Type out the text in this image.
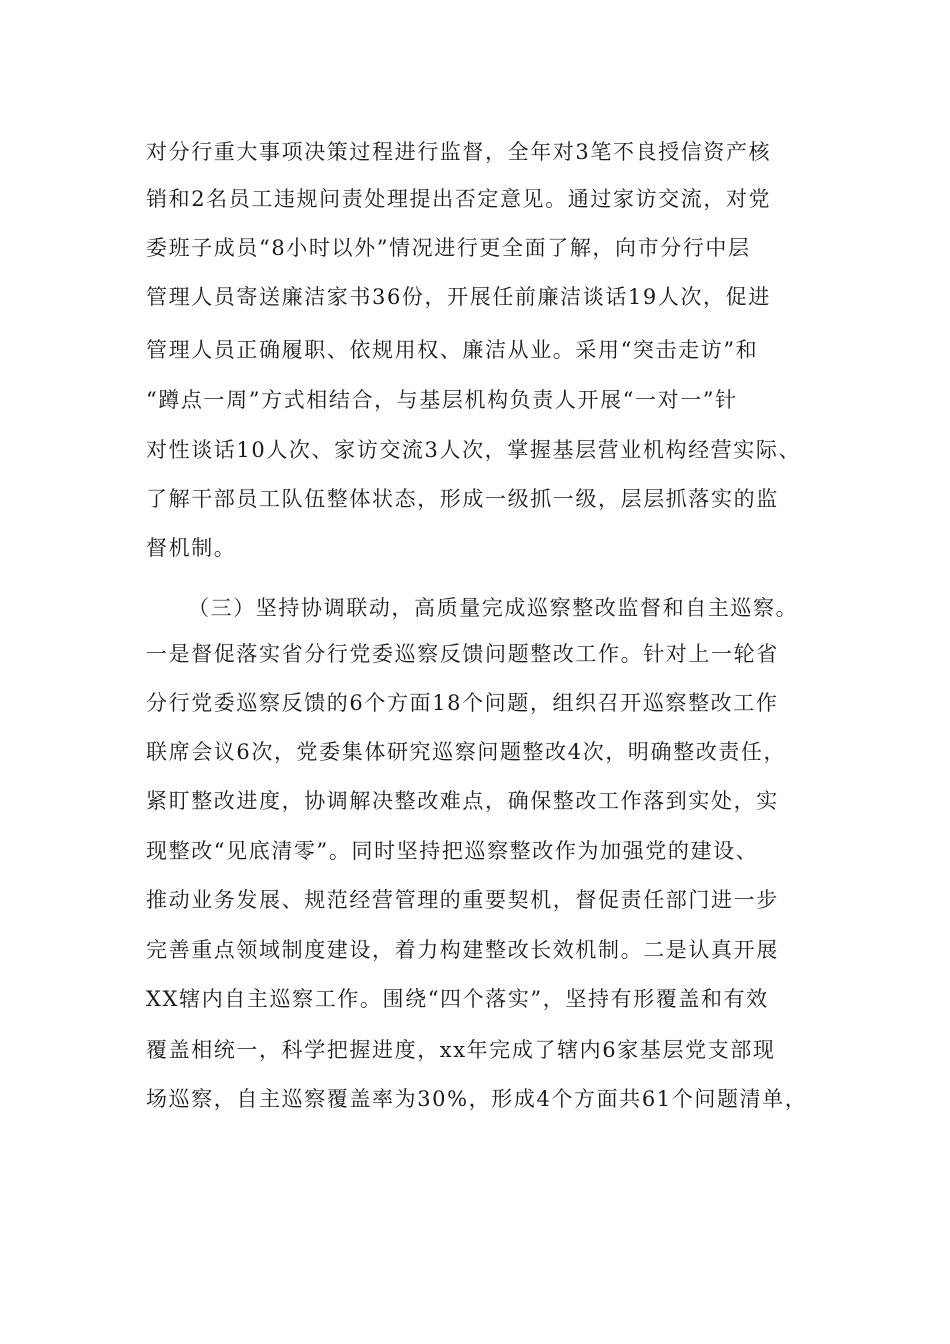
对分行重大事项决策过程进行监督，全年对3笔不良授信资产核
销和2名员工违规问责处理提出否定意见。通过家访交流，对党
委班子成员“8小时以外”情况进行更全面了解，向市分行中层
管理人员寄送廉洁家书36份，开展任前廉洁谈话19人次，促进
管理人员正确履职、依规用权、廉洁从业。采用“突击走访”和
“蹲点一周”方式相结合，与基层机构负责人开展“一对一”针
对性谈话10人次、家访交流3人次，掌握基层营业机构经营实际、
了解干部员工队伍整体状态，形成一级抓一级，层层抓落实的监
督机制。
（三）坚持协调联动，高质量完成巡察整改监督和自主巡察。
一是督促落实省分行党委巡察反馈问题整改工作。针对上一轮省
分行党委巡察反馈的6个方面18个问题，组织召开巡察整改工作
联席会议6次，党委集体研究巡察问题整改4次，明确整改责任，
紧盯整改进度，协调解决整改难点，确保整改工作落到实处，实
现整改“见底清零”。同时坚持把巡察整改作为加强党的建设、
推动业务发展、规范经营管理的重要契机，督促责任部门进一步
完善重点领域制度建设，着力构建整改长效机制。二是认真开展
XX辖内自主巡察工作。围绕“四个落实”，坚持有形覆盖和有效
覆盖相统一，科学把握进度，xx年完成了辖内6家基层党支部现
场巡察，自主巡察覆盖率为30%，形成4个方面共61个问题清单，
